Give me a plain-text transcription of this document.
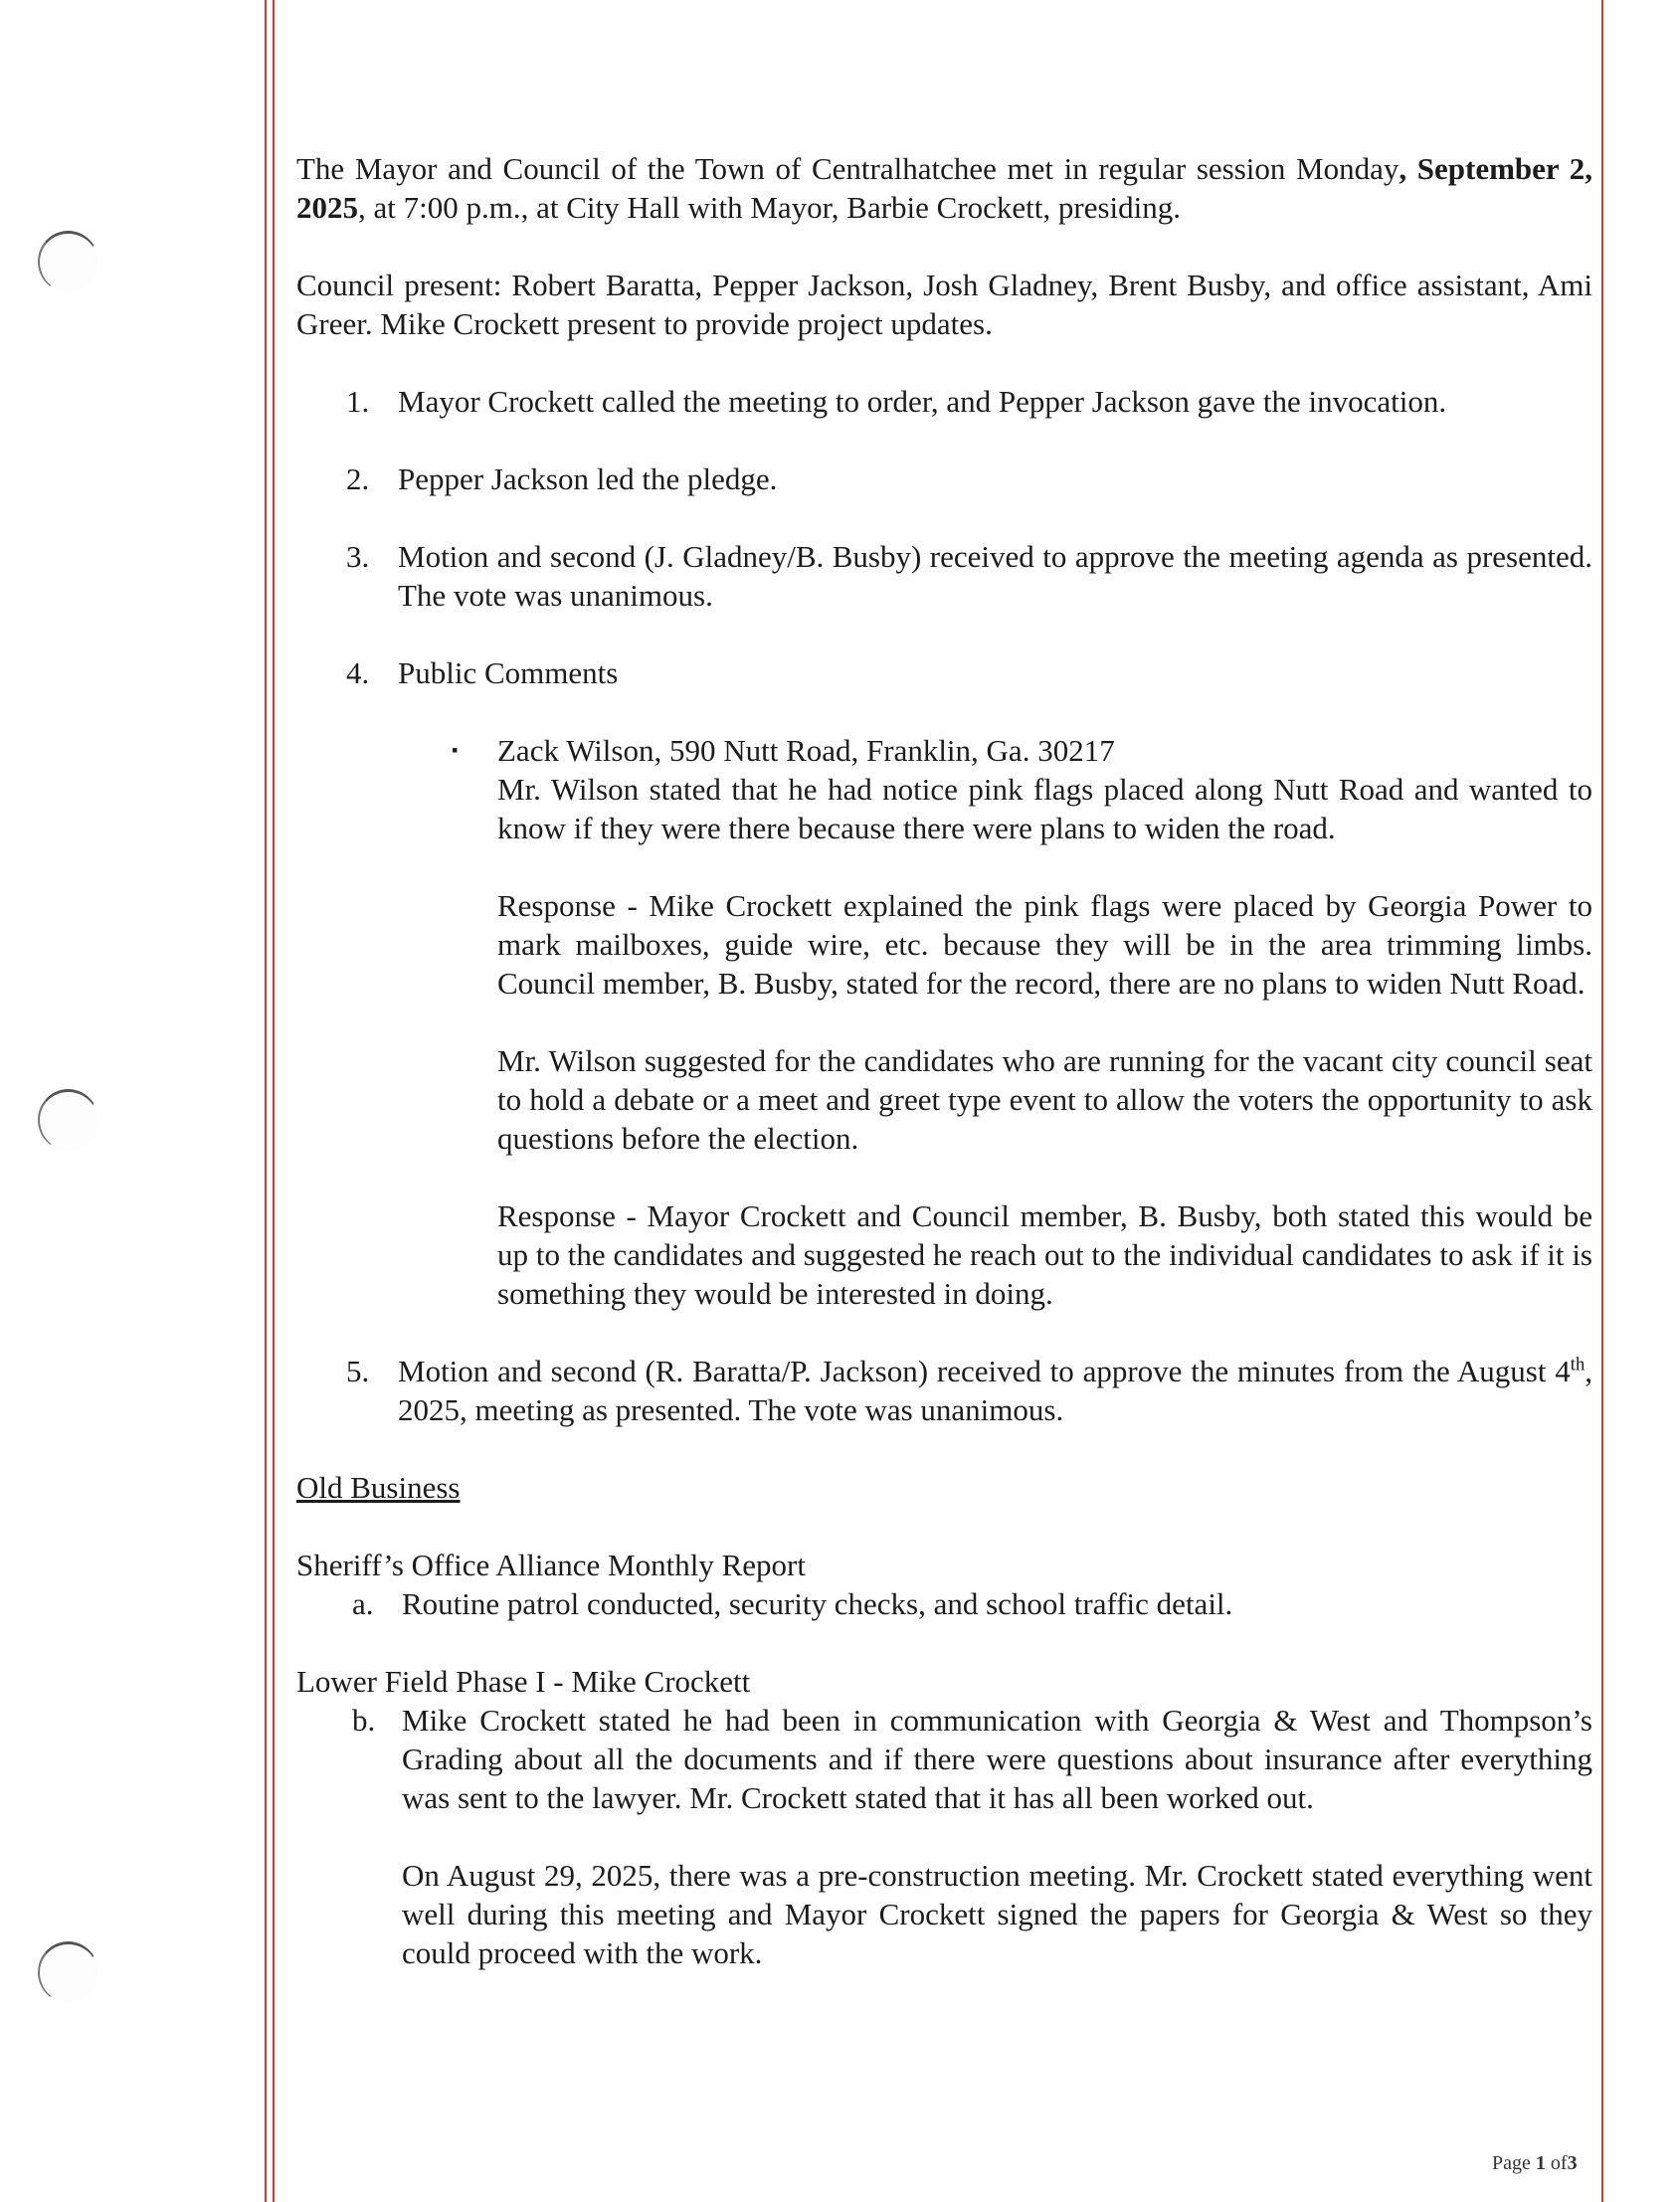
The Mayor and Council of the Town of Centralhatchee met in regular session Monday, September 2, 2025, at 7:00 p.m., at City Hall with Mayor, Barbie Crockett, presiding.

Council present: Robert Baratta, Pepper Jackson, Josh Gladney, Brent Busby, and office assistant, Ami Greer. Mike Crockett present to provide project updates.

1. Mayor Crockett called the meeting to order, and Pepper Jackson gave the invocation.

2. Pepper Jackson led the pledge.

3. Motion and second (J. Gladney/B. Busby) received to approve the meeting agenda as presented. The vote was unanimous.

4. Public Comments

▪ Zack Wilson, 590 Nutt Road, Franklin, Ga. 30217

Mr. Wilson stated that he had notice pink flags placed along Nutt Road and wanted to know if they were there because there were plans to widen the road.

Response - Mike Crockett explained the pink flags were placed by Georgia Power to mark mailboxes, guide wire, etc. because they will be in the area trimming limbs. Council member, B. Busby, stated for the record, there are no plans to widen Nutt Road.

Mr. Wilson suggested for the candidates who are running for the vacant city council seat to hold a debate or a meet and greet type event to allow the voters the opportunity to ask questions before the election.

Response - Mayor Crockett and Council member, B. Busby, both stated this would be up to the candidates and suggested he reach out to the individual candidates to ask if it is something they would be interested in doing.

5. Motion and second (R. Baratta/P. Jackson) received to approve the minutes from the August 4th, 2025, meeting as presented. The vote was unanimous.

Old Business

Sheriff’s Office Alliance Monthly Report

a. Routine patrol conducted, security checks, and school traffic detail.

Lower Field Phase I - Mike Crockett

b. Mike Crockett stated he had been in communication with Georgia & West and Thompson’s Grading about all the documents and if there were questions about insurance after everything was sent to the lawyer. Mr. Crockett stated that it has all been worked out.

On August 29, 2025, there was a pre-construction meeting. Mr. Crockett stated everything went well during this meeting and Mayor Crockett signed the papers for Georgia & West so they could proceed with the work.

Page 1 of3
